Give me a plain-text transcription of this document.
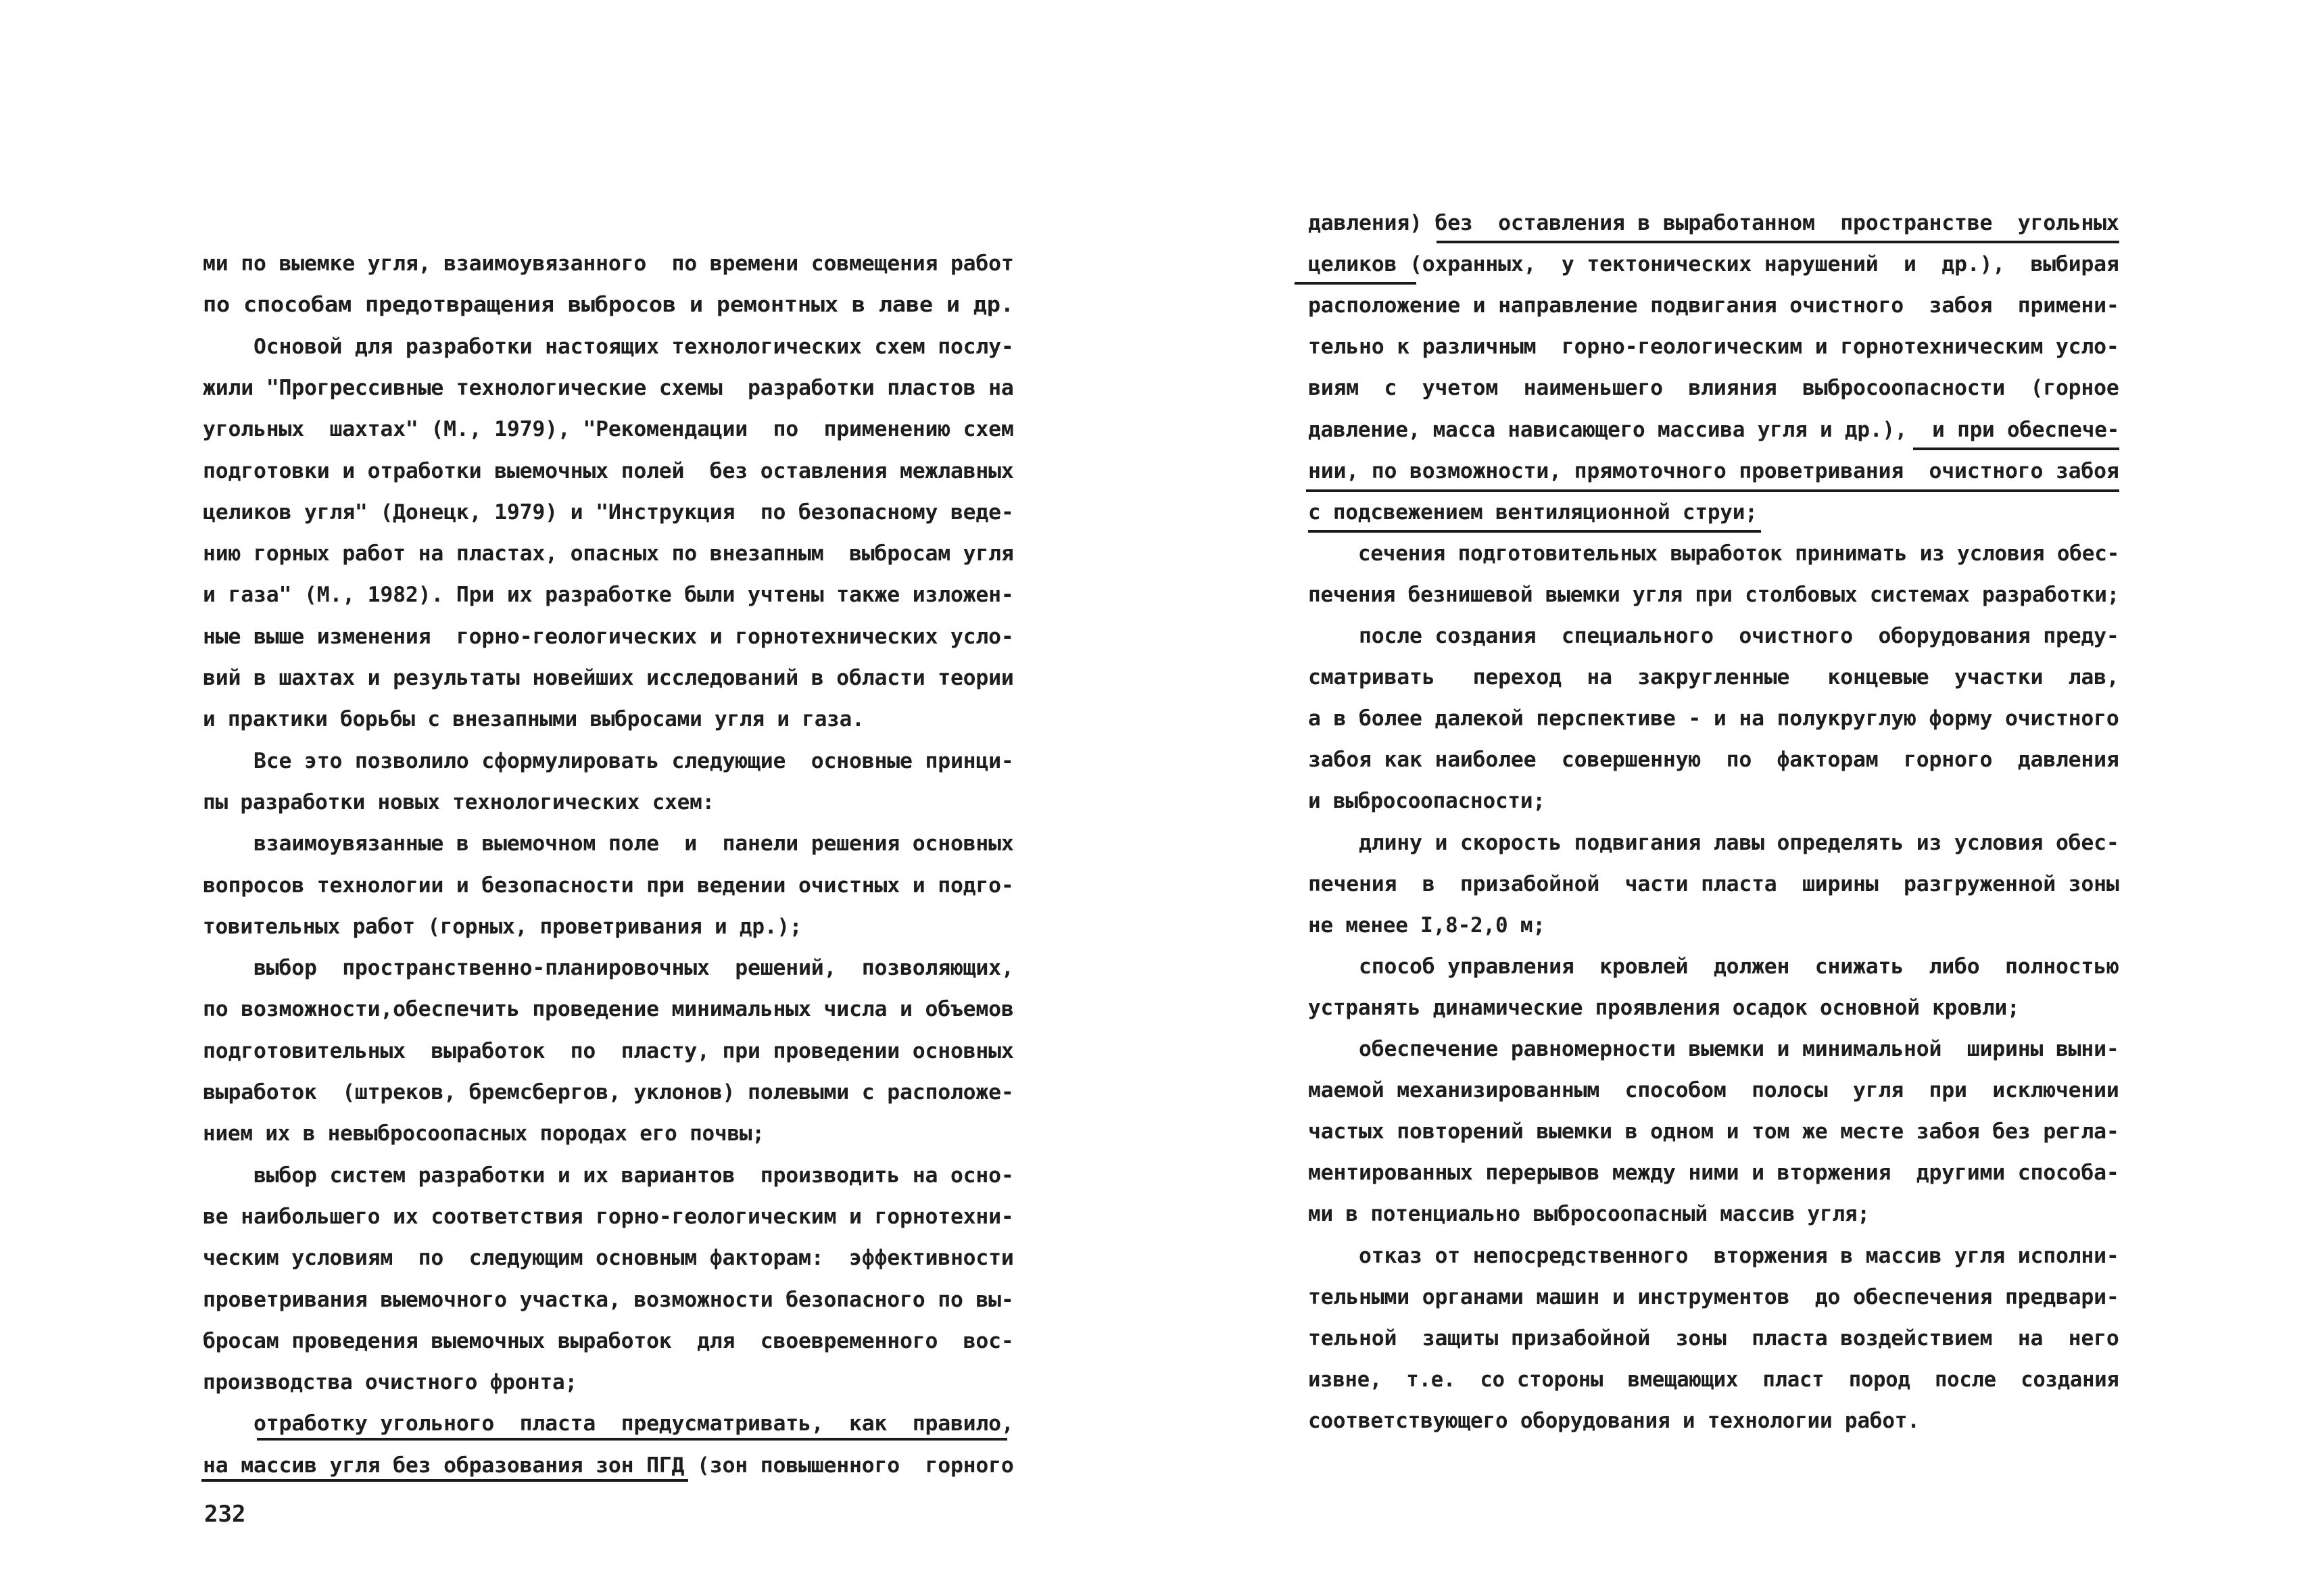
ми по выемке угля, взаимоувязанного  по времени совмещения работ
по способам предотвращения выбросов и ремонтных в лаве и др.
Основой для разработки настоящих технологических схем послу-
жили "Прогрессивные технологические схемы  разработки пластов на
угольных  шахтах" (М., 1979), "Рекомендации  по  применению схем
подготовки и отработки выемочных полей  без оставления межлавных
целиков угля" (Донецк, 1979) и "Инструкция  по безопасному веде-
нию горных работ на пластах, опасных по внезапным  выбросам угля
и газа" (М., 1982). При их разработке были учтены также изложен-
ные выше изменения  горно-геологических и горнотехнических усло-
вий в шахтах и результаты новейших исследований в области теории
и практики борьбы с внезапными выбросами угля и газа.
Все это позволило сформулировать следующие  основные принци-
пы разработки новых технологических схем:
взаимоувязанные в выемочном поле  и  панели решения основных
вопросов технологии и безопасности при ведении очистных и подго-
товительных работ (горных, проветривания и др.);
выбор  пространственно-планировочных  решений,  позволяющих,
по возможности,обеспечить проведение минимальных числа и объемов
подготовительных  выработок  по  пласту, при проведении основных
выработок  (штреков, бремсбергов, уклонов) полевыми с расположе-
нием их в невыбросоопасных породах его почвы;
выбор систем разработки и их вариантов  производить на осно-
ве наибольшего их соответствия горно-геологическим и горнотехни-
ческим условиям  по  следующим основным факторам:  эффективности
проветривания выемочного участка, возможности безопасного по вы-
бросам проведения выемочных выработок  для  своевременного  вос-
производства очистного фронта;
отработку угольного  пласта  предусматривать,  как  правило,
на массив угля без образования зон ПГД (зон повышенного  горного
давления) без  оставления в выработанном  пространстве  угольных
целиков (охранных,  у тектонических нарушений  и  др.),  выбирая
расположение и направление подвигания очистного  забоя  примени-
тельно к различным  горно-геологическим и горнотехническим усло-
виям  с  учетом  наименьшего  влияния  выбросоопасности  (горное
давление, масса нависающего массива угля и др.),  и при обеспече-
нии, по возможности, прямоточного проветривания  очистного забоя
с подсвежением вентиляционной струи;
сечения подготовительных выработок принимать из условия обес-
печения безнишевой выемки угля при столбовых системах разработки;
после создания  специального  очистного  оборудования преду-
сматривать   переход  на  закругленные   концевые  участки  лав,
а в более далекой перспективе - и на полукруглую форму очистного
забоя как наиболее  совершенную  по  факторам  горного  давления
и выбросоопасности;
длину и скорость подвигания лавы определять из условия обес-
печения  в  призабойной  части пласта  ширины  разгруженной зоны
не менее I,8-2,0 м;
способ управления  кровлей  должен  снижать  либо  полностью
устранять динамические проявления осадок основной кровли;
обеспечение равномерности выемки и минимальной  ширины выни-
маемой механизированным  способом  полосы  угля  при  исключении
частых повторений выемки в одном и том же месте забоя без регла-
ментированных перерывов между ними и вторжения  другими способа-
ми в потенциально выбросоопасный массив угля;
отказ от непосредственного  вторжения в массив угля исполни-
тельными органами машин и инструментов  до обеспечения предвари-
тельной  защиты призабойной  зоны  пласта воздействием  на  него
извне,  т.е.  со стороны  вмещающих  пласт  пород  после  создания
соответствующего оборудования и технологии работ.
232
